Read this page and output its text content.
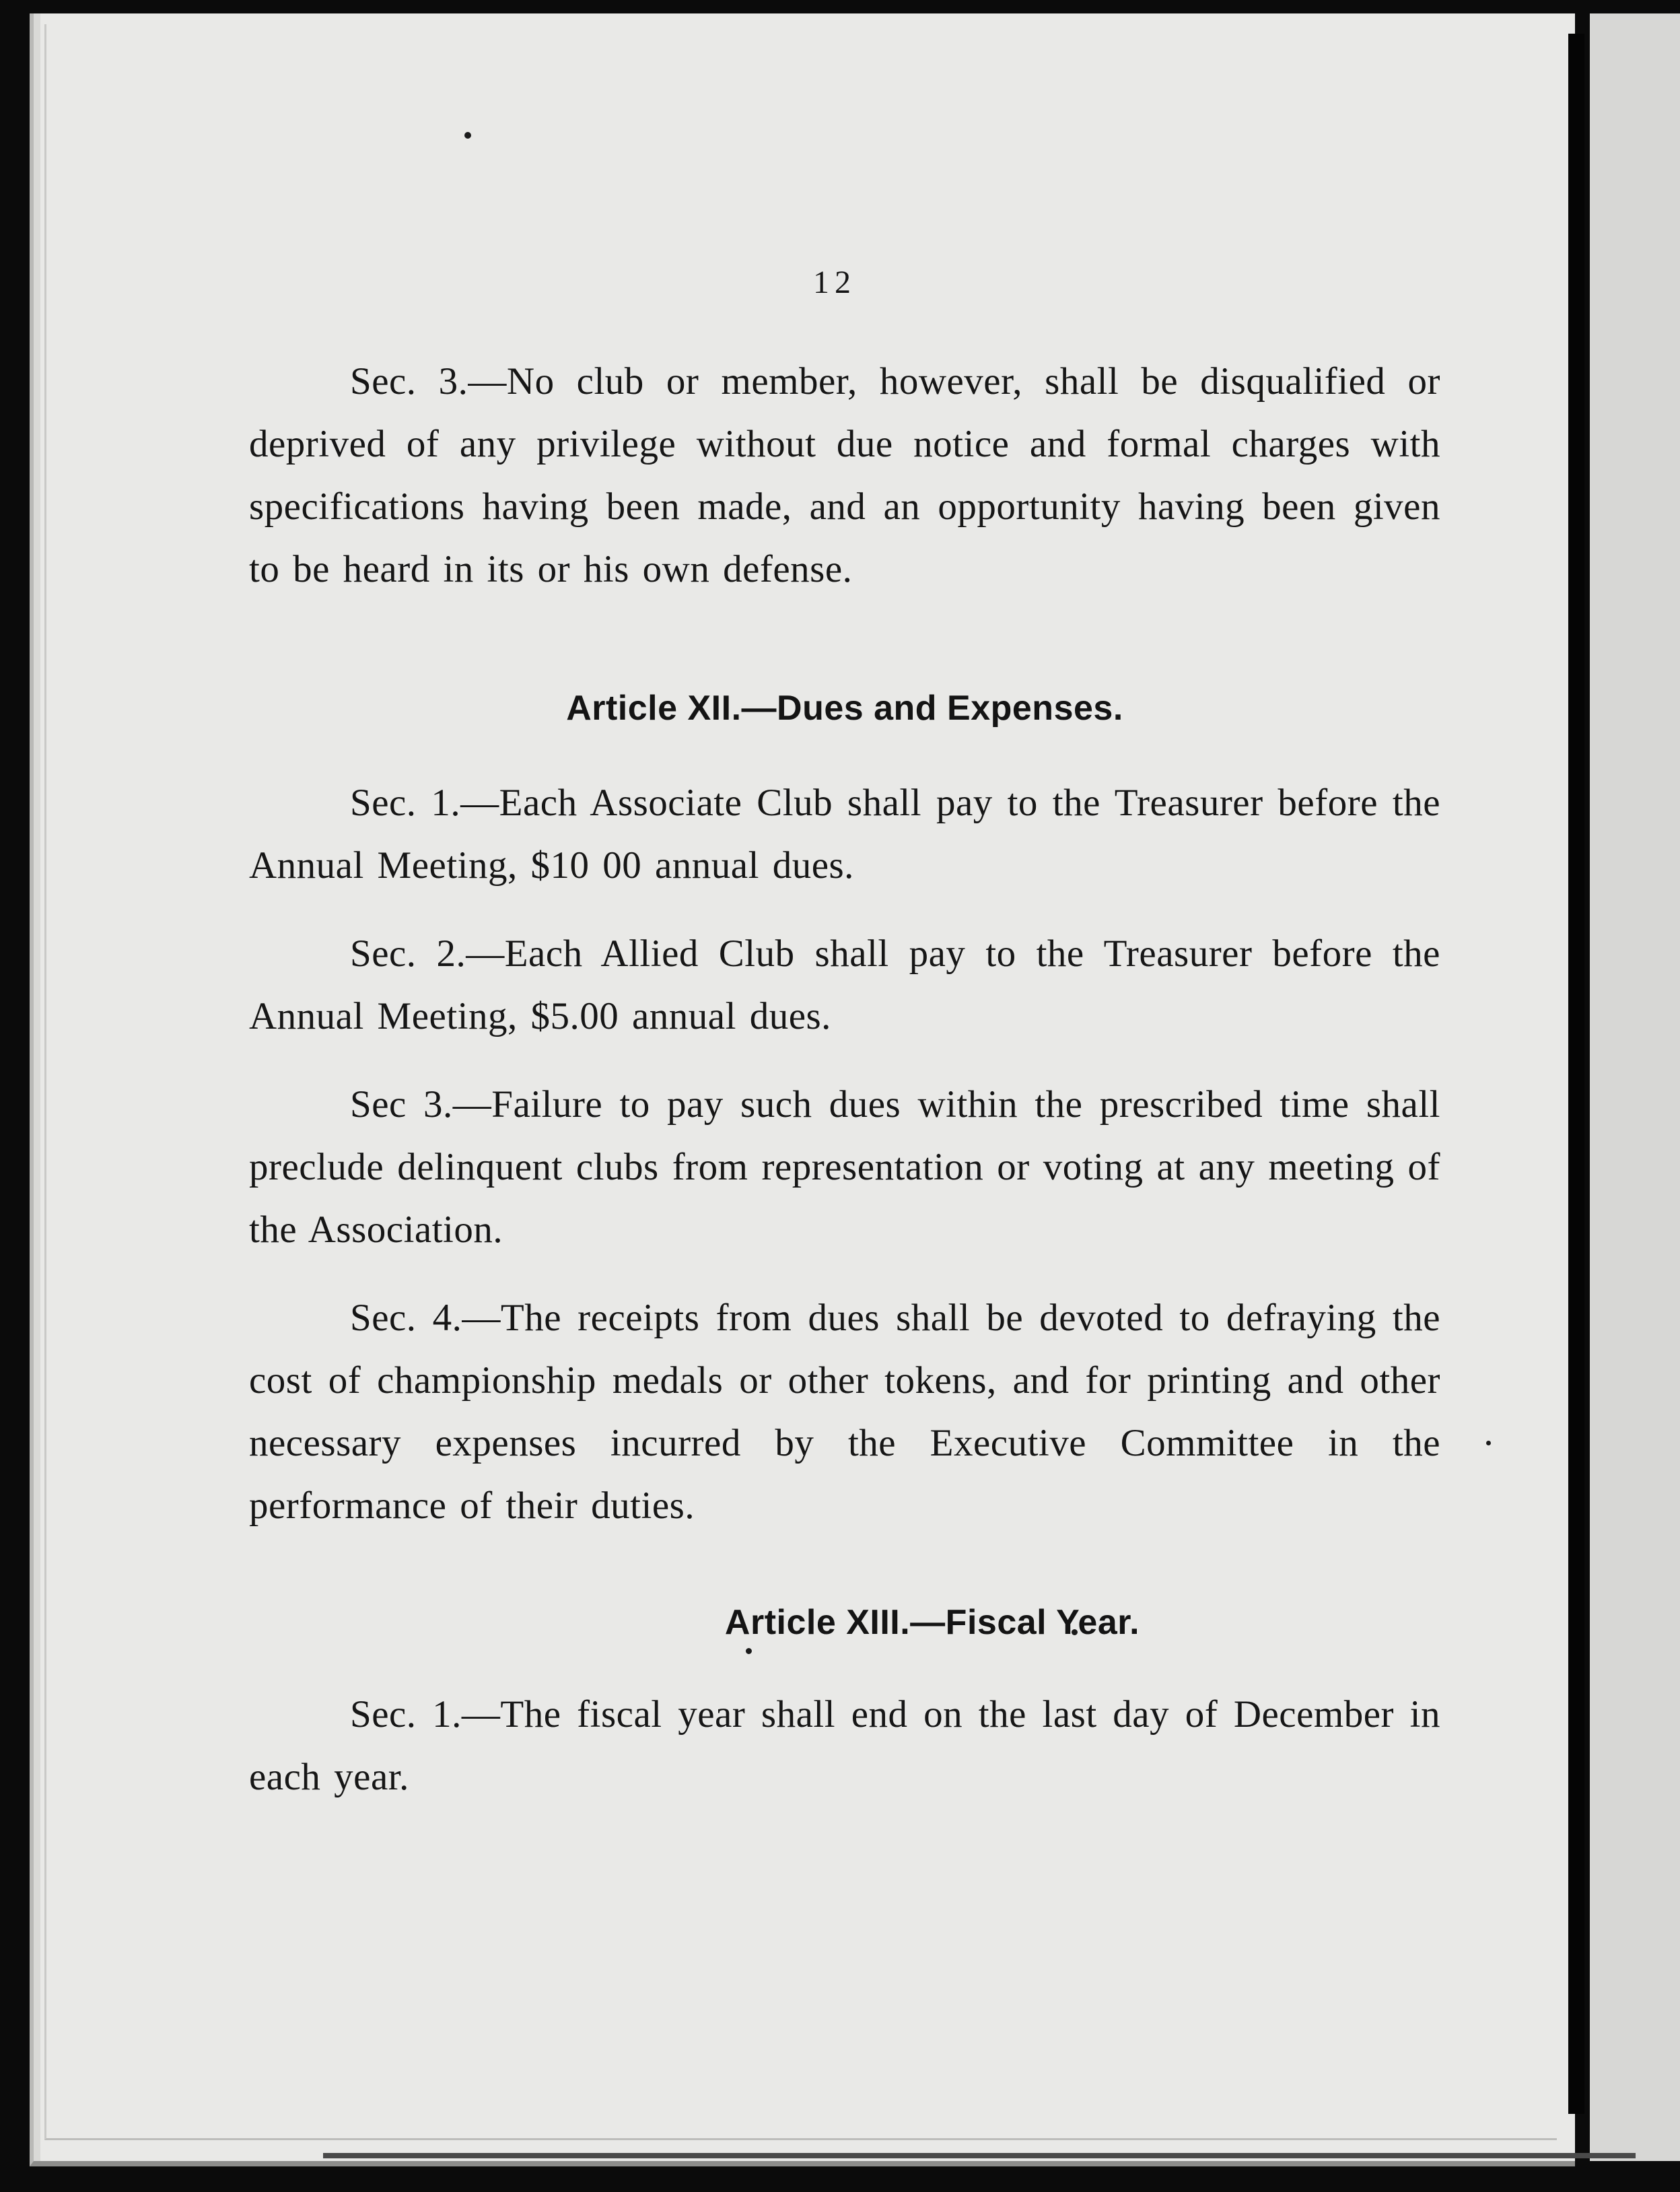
12

Sec. 3.—No club or member, however, shall be disqualified or deprived of any privilege without due notice and formal charges with specifications having been made, and an opportunity having been given to be heard in its or his own defense.

Article XII.—Dues and Expenses.

Sec. 1.—Each Associate Club shall pay to the Treasurer before the Annual Meeting, $10 00 annual dues.

Sec. 2.—Each Allied Club shall pay to the Treasurer before the Annual Meeting, $5.00 annual dues.

Sec 3.—Failure to pay such dues within the prescribed time shall preclude delinquent clubs from representation or voting at any meeting of the Association.

Sec. 4.—The receipts from dues shall be devoted to defraying the cost of championship medals or other tokens, and for printing and other necessary expenses incurred by the Executive Committee in the performance of their duties.

Article XIII.—Fiscal Year.

Sec. 1.—The fiscal year shall end on the last day of December in each year.
